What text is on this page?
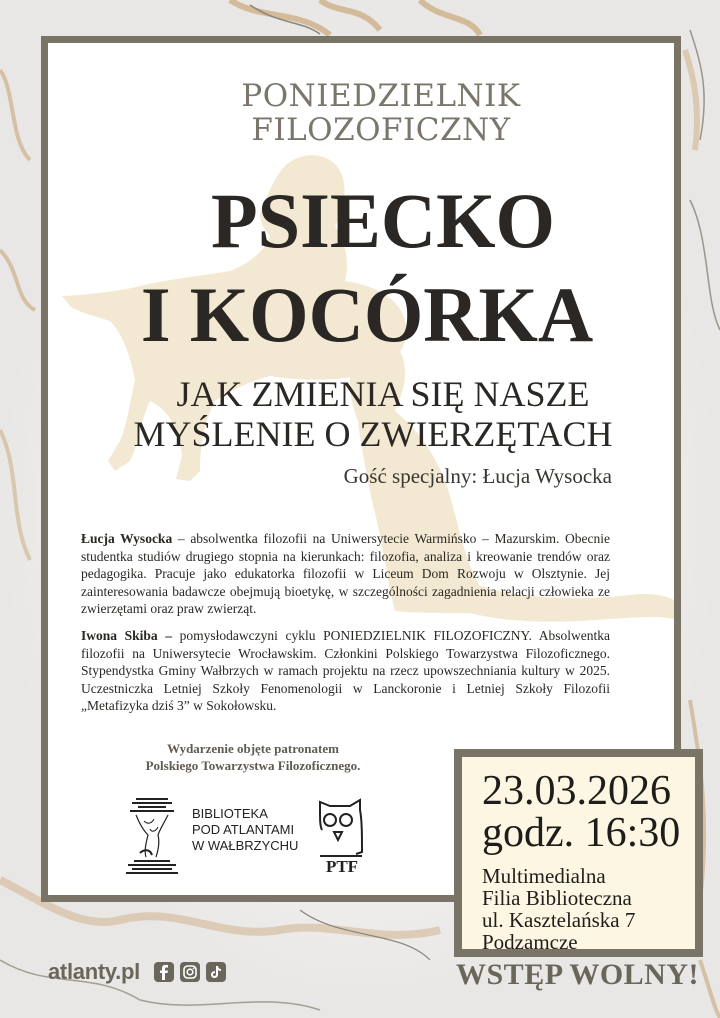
PONIEDZIELNIK
FILOZOFICZNY
PSIECKO
I KOCÓRKA
JAK ZMIENIA SIĘ NASZE
MYŚLENIE O ZWIERZĘTACH
Gość specjalny: Łucja Wysocka
Łucja Wysocka – absolwentka filozofii na Uniwersytecie Warmińsko – Mazurskim. Obecnie studentka studiów drugiego stopnia na kierunkach: filozofia, analiza i kreowanie trendów oraz pedagogika. Pracuje jako edukatorka filozofii w Liceum Dom Rozwoju w Olsztynie. Jej zainteresowania badawcze obejmują bioetykę, w szczególności zagadnienia relacji człowieka ze zwierzętami oraz praw zwierząt.
Iwona Skiba – pomysłodawczyni cyklu PONIEDZIELNIK FILOZOFICZNY. Absolwentka filozofii na Uniwersytecie Wrocławskim. Członkini Polskiego Towarzystwa Filozoficznego. Stypendystka Gminy Wałbrzych w ramach projektu na rzecz upowszechniania kultury w 2025. Uczestniczka Letniej Szkoły Fenomenologii w Lanckoronie i Letniej Szkoły Filozofii „Metafizyka dziś 3” w Sokołowsku.
Wydarzenie objęte patronatem
Polskiego Towarzystwa Filozoficznego.
BIBLIOTEKA
POD ATLANTAMI
W WAŁBRZYCHU
PTF
23.03.2026
godz. 16:30
Multimedialna
Filia Biblioteczna
ul. Kasztelańska 7
Podzamcze
WSTĘP WOLNY!
atlanty.pl
